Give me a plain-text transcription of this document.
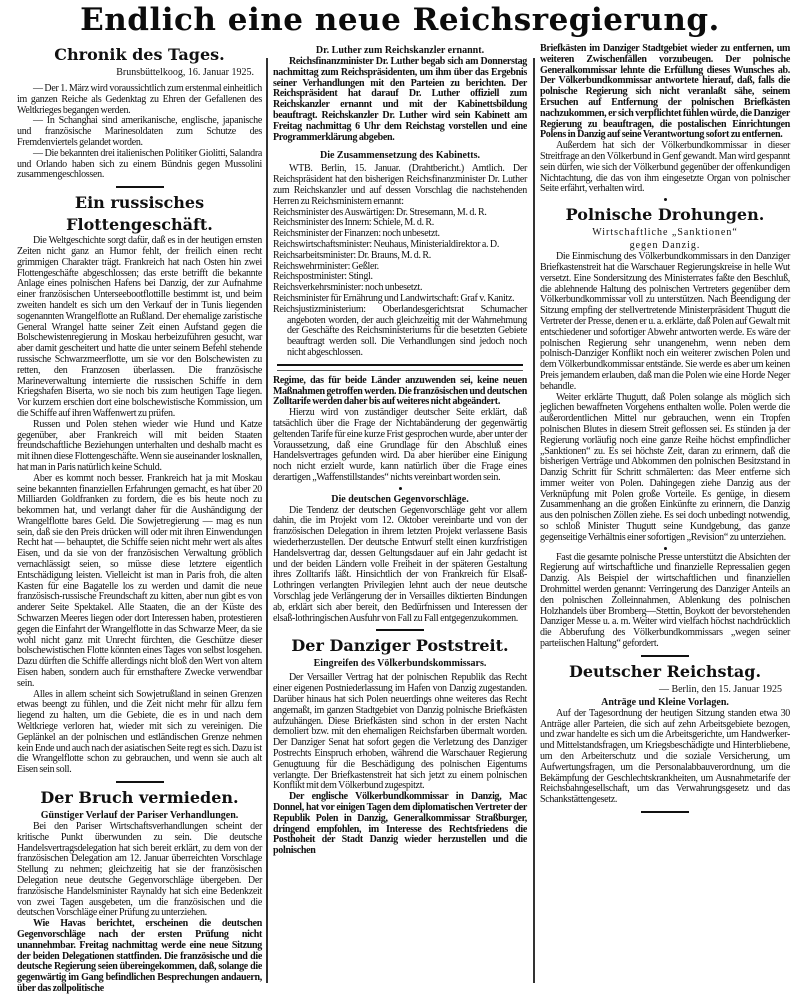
Endlich eine neue Reichsregierung.
Chronik des Tages.
Brunsbüttelkoog, 16. Januar 1925.

— Der 1. März wird voraussichtlich zum erstenmal einheitlich im ganzen Reiche als Gedenktag zu Ehren der Gefallenen des Weltkrieges begangen werden.

— In Schanghai sind amerikanische, englische, japanische und französische Marinesoldaten zum Schutze des Fremdenviertels gelandet worden.

— Die bekannten drei italienischen Politiker Giolitti, Salandra und Orlando haben sich zu einem Bündnis gegen Mussolini zusammengeschlossen.

Ein russisches Flottengeschäft.

Die Weltgeschichte sorgt dafür, daß es in der heutigen ernsten Zeiten nicht ganz an Humor fehlt, der freilich einen recht grimmigen Charakter trägt. Frankreich hat nach Osten hin zwei Flottengeschäfte abgeschlossen; das erste betrifft die bekannte Anlage eines polnischen Hafens bei Danzig, der zur Aufnahme einer französischen Unterseebootflottille bestimmt ist, und beim zweiten handelt es sich um den Verkauf der in Tunis liegenden sogenannten Wrangelflotte an Rußland. Der ehemalige zaristische General Wrangel hatte seiner Zeit einen Aufstand gegen die Bolschewistenregierung in Moskau herbeizuführen gesucht, war aber damit gescheitert und hatte die unter seinem Befehl stehende russische Schwarzmeerflotte, um sie vor den Bolschewisten zu retten, den Franzosen überlassen. Die französische Marineverwaltung internierte die russischen Schiffe in dem Kriegshafen Biserta, wo sie noch bis zum heutigen Tage liegen. Vor kurzem erschien dort eine bolschewistische Kommission, um die Schiffe auf ihren Waffenwert zu prüfen.

Russen und Polen stehen wieder wie Hund und Katze gegenüber, aber Frankreich will mit beiden Staaten freundschaftliche Beziehungen unterhalten und deshalb macht es mit ihnen diese Flottengeschäfte. Wenn sie auseinander losknallen, hat man in Paris natürlich keine Schuld.

Aber es kommt noch besser. Frankreich hat ja mit Moskau seine bekannten finanziellen Erfahrungen gemacht, es hat über 20 Milliarden Goldfranken zu fordern, die es bis heute noch zu bekommen hat, und verlangt daher für die Aushändigung der Wrangelflotte bares Geld. Die Sowjetregierung — mag es nun sein, daß sie den Preis drücken will oder mit ihren Einwendungen Recht hat — behauptet, die Schiffe seien nicht mehr wert als altes Eisen, und da sie von der französischen Verwaltung gröblich vernachlässigt seien, so müsse diese letztere eigentlich Entschädigung leisten. Vielleicht ist man in Paris froh, die alten Kasten für eine Bagatelle los zu werden und damit die neue französisch-russische Freundschaft zu kitten, aber nun gibt es von anderer Seite Spektakel. Alle Staaten, die an der Küste des Schwarzen Meeres liegen oder dort Interessen haben, protestieren gegen die Einfahrt der Wrangelflotte in das Schwarze Meer, da sie wohl nicht ganz mit Unrecht fürchten, die Geschütze dieser bolschewistischen Flotte könnten eines Tages von selbst losgehen. Dazu dürften die Schiffe allerdings nicht bloß den Wert von altem Eisen haben, sondern auch für ernsthaftere Zwecke verwendbar sein.

Alles in allem scheint sich Sowjetrußland in seinen Grenzen etwas beengt zu fühlen, und die Zeit nicht mehr für allzu fern liegend zu halten, um die Gebiete, die es in und nach dem Weltkriege verloren hat, wieder mit sich zu vereinigen. Die Geplänkel an der polnischen und estländischen Grenze nehmen kein Ende und auch nach der asiatischen Seite regt es sich. Dazu ist die Wrangelflotte schon zu gebrauchen, und wenn sie auch alt Eisen sein soll.

Der Bruch vermieden.
Günstiger Verlauf der Pariser Verhandlungen.

Bei den Pariser Wirtschaftsverhandlungen scheint der kritische Punkt überwunden zu sein. Die deutsche Handelsvertragsdelegation hat sich bereit erklärt, zu dem von der französischen Delegation am 12. Januar überreichten Vorschlage Stellung zu nehmen; gleichzeitig hat sie der französischen Delegation neue deutsche Gegenvorschläge übergeben. Der französische Handelsminister Raynaldy hat sich eine Bedenkzeit von zwei Tagen ausgebeten, um die französischen und die deutschen Vorschläge einer Prüfung zu unterziehen.

Wie Havas berichtet, erscheinen die deutschen Gegenvorschläge nach der ersten Prüfung nicht unannehmbar. Freitag nachmittag werde eine neue Sitzung der beiden Delegationen stattfinden. Die französische und die deutsche Regierung seien übereingekommen, daß, solange die gegenwärtig im Gang befindlichen Besprechungen andauern, über das zollpolitische

Dr. Luther zum Reichskanzler ernannt.

Reichsfinanzminister Dr. Luther begab sich am Donnerstag nachmittag zum Reichspräsidenten, um ihm über das Ergebnis seiner Verhandlungen mit den Parteien zu berichten. Der Reichspräsident hat darauf Dr. Luther offiziell zum Reichskanzler ernannt und mit der Kabinettsbildung beauftragt. Reichskanzler Dr. Luther wird sein Kabinett am Freitag nachmittag 6 Uhr dem Reichstag vorstellen und eine Programmerklärung abgeben.

Die Zusammensetzung des Kabinetts.

WTB. Berlin, 15. Januar. (Drahtbericht.) Amtlich. Der Reichspräsident hat den bisherigen Reichsfinanzminister Dr. Luther zum Reichskanzler und auf dessen Vorschlag die nachstehenden Herren zu Reichsministern ernannt:

Reichsminister des Auswärtigen: Dr. Stresemann, M. d. R.

Reichsminister des Innern: Schiele, M. d. R.

Reichsminister der Finanzen: noch unbesetzt.

Reichswirtschaftsminister: Neuhaus, Ministerialdirektor a. D.

Reichsarbeitsminister: Dr. Brauns, M. d. R.

Reichswehrminister: Geßler.

Reichspostminister: Stingl.

Reichsverkehrsminister: noch unbesetzt.

Reichsminister für Ernährung und Landwirtschaft: Graf v. Kanitz.

Reichsjustizministerium: Oberlandesgerichtsrat Schumacher angeboten worden, der auch gleichzeitig mit der Wahrnehmung der Geschäfte des Reichsministeriums für die besetzten Gebiete beauftragt werden soll. Die Verhandlungen sind jedoch noch nicht abgeschlossen.

Regime, das für beide Länder anzuwenden sei, keine neuen Maßnahmen getroffen werden. Die französischen und deutschen Zolltarife werden daher bis auf weiteres nicht abgeändert.

Hierzu wird von zuständiger deutscher Seite erklärt, daß tatsächlich über die Frage der Nichtabänderung der gegenwärtig geltenden Tarife für eine kurze Frist gesprochen wurde, aber unter der Voraussetzung, daß eine Grundlage für den Abschluß eines Handelsvertrages gefunden wird. Da aber hierüber eine Einigung noch nicht erzielt wurde, kann natürlich über die Frage eines derartigen „Waffenstillstandes“ nichts vereinbart worden sein.

Die deutschen Gegenvorschläge.

Die Tendenz der deutschen Gegenvorschläge geht vor allem dahin, die im Projekt vom 12. Oktober vereinbarte und von der französischen Delegation in ihrem letzten Projekt verlassene Basis wiederherzustellen. Der deutsche Entwurf stellt einen kurzfristigen Handelsvertrag dar, dessen Geltungsdauer auf ein Jahr gedacht ist und der beiden Ländern volle Freiheit in der späteren Gestaltung ihres Zolltarifs läßt. Hinsichtlich der von Frankreich für Elsaß-Lothringen verlangten Privilegien lehnt auch der neue deutsche Vorschlag jede Verlängerung der in Versailles diktierten Bindungen ab, erklärt sich aber bereit, den Bedürfnissen und Interessen der elsaß-lothringischen Ausfuhr von Fall zu Fall entgegenzukommen.

Der Danziger Poststreit.
Eingreifen des Völkerbundskommissars.

Der Versailler Vertrag hat der polnischen Republik das Recht einer eigenen Postniederlassung im Hafen von Danzig zugestanden. Darüber hinaus hat sich Polen neuerdings ohne weiteres das Recht angemaßt, im ganzen Stadtgebiet von Danzig polnische Briefkästen aufzuhängen. Diese Briefkästen sind schon in der ersten Nacht demoliert bzw. mit den ehemaligen Reichsfarben übermalt worden. Der Danziger Senat hat sofort gegen die Verletzung des Danziger Postrechts Einspruch erhoben, während die Warschauer Regierung Genugtuung für die Beschädigung des polnischen Eigentums verlangte. Der Briefkastenstreit hat sich jetzt zu einem polnischen Konflikt mit dem Völkerbund zugespitzt.

Der englische Völkerbundkommissar in Danzig, Mac Donnel, hat vor einigen Tagen dem diplomatischen Vertreter der Republik Polen in Danzig, Generalkommissar Straßburger, dringend empfohlen, im Interesse des Rechtsfriedens die Posthoheit der Stadt Danzig wieder herzustellen und die polnischen

Briefkästen im Danziger Stadtgebiet wieder zu entfernen, um weiteren Zwischenfällen vorzubeugen. Der polnische Generalkommissar lehnte die Erfüllung dieses Wunsches ab. Der Völkerbundkommissar antwortete hierauf, daß, falls die polnische Regierung sich nicht veranlaßt sähe, seinem Ersuchen auf Entfernung der polnischen Briefkästen nachzukommen, er sich verpflichtet fühlen würde, die Danziger Regierung zu beauftragen, die postalischen Einrichtungen Polens in Danzig auf seine Verantwortung sofort zu entfernen.

Außerdem hat sich der Völkerbundkommissar in dieser Streitfrage an den Völkerbund in Genf gewandt. Man wird gespannt sein dürfen, wie sich der Völkerbund gegenüber der offenkundigen Nichtachtung, die das von ihm eingesetzte Organ von polnischer Seite erfährt, verhalten wird.

Polnische Drohungen.
Wirtschaftliche „Sanktionen“ gegen Danzig.

Die Einmischung des Völkerbundkommissars in den Danziger Briefkastenstreit hat die Warschauer Regierungskreise in helle Wut versetzt. Eine Sondersitzung des Ministerrates faßte den Beschluß, die ablehnende Haltung des polnischen Vertreters gegenüber dem Völkerbundkommissar voll zu unterstützen. Nach Beendigung der Sitzung empfing der stellvertretende Ministerpräsident Thugutt die Vertreter der Presse, denen er u. a. erklärte, daß Polen auf Gewalt mit entschiedener und sofortiger Abwehr antworten werde. Es wäre der polnischen Regierung sehr unangenehm, wenn neben dem polnisch-Danziger Konflikt noch ein weiterer zwischen Polen und dem Völkerbundkommissar entstände. Sie werde es aber um keinen Preis jemandem erlauben, daß man die Polen wie eine Horde Neger behandle.

Weiter erklärte Thugutt, daß Polen solange als möglich sich jeglichen bewaffneten Vorgehens enthalten wolle. Polen werde die außerordentlichen Mittel nur gebrauchen, wenn ein Tropfen polnischen Blutes in diesem Streit geflossen sei. Es stünden ja der Regierung vorläufig noch eine ganze Reihe höchst empfindlicher „Sanktionen“ zu. Es sei höchste Zeit, daran zu erinnern, daß die bisherigen Verträge und Abkommen den polnischen Besitzstand in Danzig Schritt für Schritt schmälerten: das Meer entferne sich immer weiter von Polen. Dahingegen ziehe Danzig aus der Verknüpfung mit Polen große Vorteile. Es genüge, in diesem Zusammenhang an die großen Einkünfte zu erinnern, die Danzig aus den polnischen Zöllen ziehe. Es sei doch unbedingt notwendig, so schloß Minister Thugutt seine Kundgebung, das ganze gegenseitige Verhältnis einer sofortigen „Revision“ zu unterziehen.

Fast die gesamte polnische Presse unterstützt die Absichten der Regierung auf wirtschaftliche und finanzielle Repressalien gegen Danzig. Als Beispiel der wirtschaftlichen und finanziellen Drohmittel werden genannt: Verringerung des Danziger Anteils an den polnischen Zolleinnahmen, Ablenkung des polnischen Holzhandels über Bromberg—Stettin, Boykott der bevorstehenden Danziger Messe u. a. m. Weiter wird vielfach höchst nachdrücklich die Abberufung des Völkerbundkommissars „wegen seiner parteiischen Haltung“ gefordert.

Deutscher Reichstag.
— Berlin, den 15. Januar 1925
Anträge und Kleine Vorlagen.

Auf der Tagesordnung der heutigen Sitzung standen etwa 30 Anträge aller Parteien, die sich auf zehn Arbeitsgebiete bezogen, und zwar handelte es sich um die Arbeitsgerichte, um Handwerker- und Mittelstandsfragen, um Kriegsbeschädigte und Hinterbliebene, um den Arbeiterschutz und die soziale Versicherung, um Aufwertungsfragen, um die Personalabbauverordnung, um die Bekämpfung der Geschlechtskrankheiten, um Ausnahmetarife der Reichsbahngesellschaft, um das Verwahrungsgesetz und das Schankstättengesetz.
